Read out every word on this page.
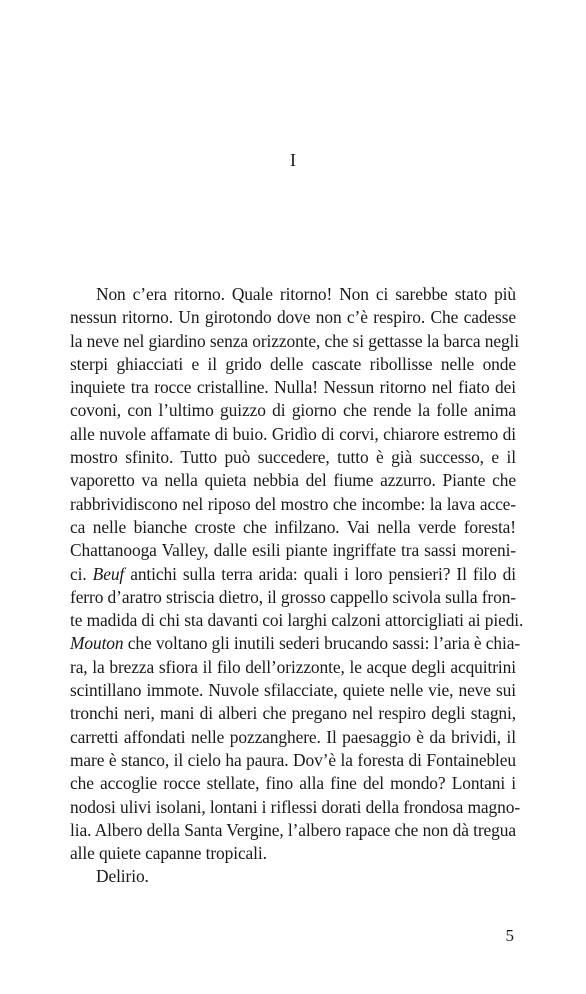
I
Non c’era ritorno. Quale ritorno! Non ci sarebbe stato più
nessun ritorno. Un girotondo dove non c’è respiro. Che cadesse
la neve nel giardino senza orizzonte, che si gettasse la barca negli
sterpi ghiacciati e il grido delle cascate ribollisse nelle onde
inquiete tra rocce cristalline. Nulla! Nessun ritorno nel fiato dei
covoni, con l’ultimo guizzo di giorno che rende la folle anima
alle nuvole affamate di buio. Gridìo di corvi, chiarore estremo di
mostro sfinito. Tutto può succedere, tutto è già successo, e il
vaporetto va nella quieta nebbia del fiume azzurro. Piante che
rabbrividiscono nel riposo del mostro che incombe: la lava acce-
ca nelle bianche croste che infilzano. Vai nella verde foresta!
Chattanooga Valley, dalle esili piante ingriffate tra sassi moreni-
ci. Beuf antichi sulla terra arida: quali i loro pensieri? Il filo di
ferro d’aratro striscia dietro, il grosso cappello scivola sulla fron-
te madida di chi sta davanti coi larghi calzoni attorcigliati ai piedi.
Mouton che voltano gli inutili sederi brucando sassi: l’aria è chia-
ra, la brezza sfiora il filo dell’orizzonte, le acque degli acquitrini
scintillano immote. Nuvole sfilacciate, quiete nelle vie, neve sui
tronchi neri, mani di alberi che pregano nel respiro degli stagni,
carretti affondati nelle pozzanghere. Il paesaggio è da brividi, il
mare è stanco, il cielo ha paura. Dov’è la foresta di Fontainebleu
che accoglie rocce stellate, fino alla fine del mondo? Lontani i
nodosi ulivi isolani, lontani i riflessi dorati della frondosa magno-
lia. Albero della Santa Vergine, l’albero rapace che non dà tregua
alle quiete capanne tropicali.
Delirio.
5
